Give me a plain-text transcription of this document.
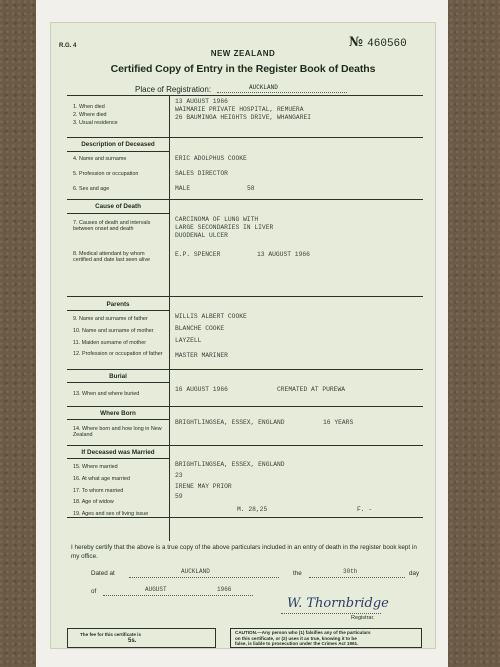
R.G. 4
NEW ZEALAND
№ 460560
Certified Copy of Entry in the Register Book of Deaths
Place of Registration:	AUCKLAND
1. When died
13 AUGUST 1966
2. Where died
WAIMARIE PRIVATE HOSPITAL, REMUERA
3. Usual residence
26 BAUMINGA HEIGHTS DRIVE, WHANGAREI
Description of Deceased
4. Name and surname	ERIC ADOLPHUS COOKE
5. Profession or occupation	SALES DIRECTOR
6. Sex and age	MALE	58
Cause of Death
7. Causes of death and intervals between onset and death
CARCINOMA OF LUNG WITH
LARGE SECONDARIES IN LIVER
DUODENAL ULCER
8. Medical attendant by whom certified and date last seen alive
E.P. SPENCER	13 AUGUST 1966
Parents
9. Name and surname of father	WILLIS ALBERT COOKE
10. Name and surname of mother	BLANCHE COOKE
11. Maiden surname of mother	LAYZELL
12. Profession or occupation of father	MASTER MARINER
Burial
13. When and where buried
16 AUGUST 1966	CREMATED AT PUREWA
Where Born
14. Where born and how long in New Zealand
BRIGHTLINGSEA, ESSEX, ENGLAND	16 YEARS
If Deceased was Married
15. Where married	BRIGHTLINGSEA, ESSEX, ENGLAND
16. At what age married	23
17. To whom married
IRENE MAY PRIOR
18. Age of widow
59
19. Ages and sex of living issue
M. 28,25	F. -
I hereby certify that the above is a true copy of the above particulars included in an entry of death in the register book kept in my office.
Dated at	AUCKLAND	the	30th	day
of	AUGUST	1966
W. Thornbridge
Registrar.
The fee for this certificate is
5s.
CAUTION.—Any person who (1) falsifies any of the particulars
on this certificate, or (2) uses it as true, knowing it to be
false, is liable to prosecution under the Crimes Act 1961.
